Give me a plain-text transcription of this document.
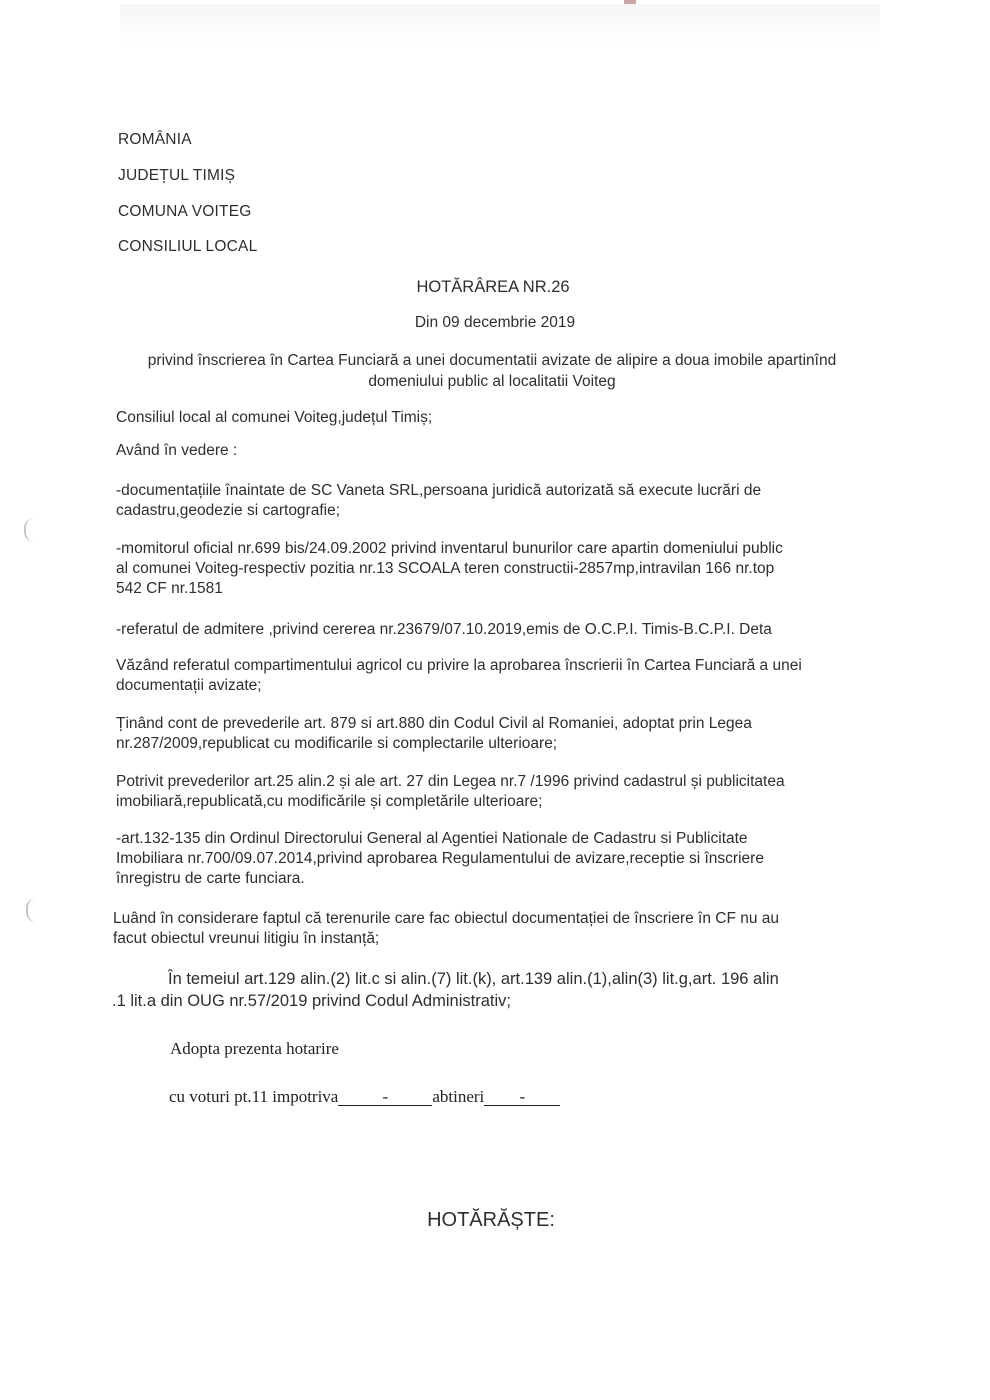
ROMÂNIA
JUDEȚUL TIMIȘ
COMUNA VOITEG
CONSILIUL LOCAL
HOTĂRÂREA NR.26
Din 09 decembrie 2019
privind înscrierea în Cartea Funciară a unei documentatii avizate de alipire a doua imobile apartinînd
domeniului public al localitatii Voiteg
Consiliul local al comunei Voiteg,județul Timiș;
Având în vedere :
-documentațiile înaintate de SC Vaneta SRL,persoana juridică autorizată să execute lucrări de
cadastru,geodezie si cartografie;
-momitorul oficial nr.699 bis/24.09.2002 privind inventarul bunurilor care apartin domeniului public
al comunei Voiteg-respectiv pozitia nr.13 SCOALA teren constructii-2857mp,intravilan 166 nr.top
542 CF nr.1581
-referatul de admitere ,privind cererea nr.23679/07.10.2019,emis de O.C.P.I. Timis-B.C.P.I. Deta
Văzând referatul compartimentului agricol cu privire la aprobarea înscrierii în Cartea Funciară a unei
documentații avizate;
Ținând cont de prevederile art. 879 si art.880 din Codul Civil al Romaniei, adoptat prin Legea
nr.287/2009,republicat cu modificarile si complectarile ulterioare;
Potrivit prevederilor art.25 alin.2 și ale art. 27 din Legea nr.7 /1996 privind cadastrul și publicitatea
imobiliară,republicată,cu modificările și completările ulterioare;
-art.132-135 din Ordinul Directorului General al Agentiei Nationale de Cadastru si Publicitate
Imobiliara nr.700/09.07.2014,privind aprobarea Regulamentului de avizare,receptie si înscriere
înregistru de carte funciara.
Luând în considerare faptul că terenurile care fac obiectul documentației de înscriere în CF nu au
facut obiectul vreunui litigiu în instanță;
În temeiul art.129 alin.(2) lit.c si alin.(7) lit.(k), art.139 alin.(1),alin(3) lit.g,art. 196 alin
.1 lit.a din OUG nr.57/2019 privind Codul Administrativ;
Adopta prezenta hotarire
cu voturi pt.11 impotriva	-	abtineri -
HOTĂRĂȘTE:
